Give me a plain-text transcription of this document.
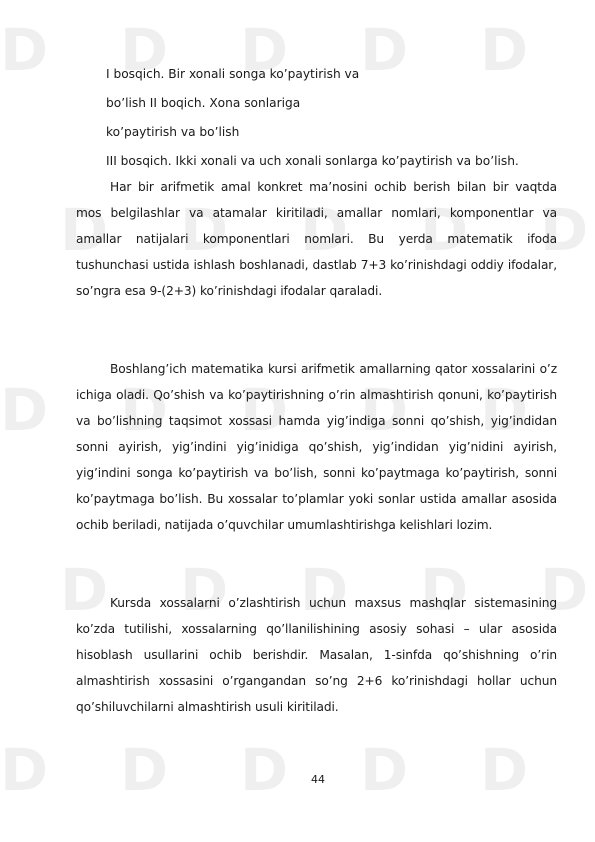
D D D D D
D D D D D
D D D D D
D D D D D
D D D D D
I bosqich. Bir xonali songa ko’paytirish va
bo’lish II boqich. Xona sonlariga
ko’paytirish va bo’lish
III bosqich. Ikki xonali va uch xonali sonlarga ko’paytirish va bo’lish.

Har bir arifmetik amal konkret ma’nosini ochib berish bilan bir vaqtda mos belgilashlar va atamalar kiritiladi, amallar nomlari, komponentlar va amallar natijalari komponentlari nomlari. Bu yerda matematik ifoda tushunchasi ustida ishlash boshlanadi, dastlab 7+3 ko’rinishdagi oddiy ifodalar, so’ngra esa 9-(2+3) ko’rinishdagi ifodalar qaraladi.

Boshlang’ich matematika kursi arifmetik amallarning qator xossalarini o’z ichiga oladi. Qo’shish va ko’paytirishning o’rin almashtirish qonuni, ko’paytirish va bo’lishning taqsimot xossasi hamda yig’indiga sonni qo’shish, yig’indidan sonni ayirish, yig’indini yig’inidiga qo’shish, yig’indidan yig’nidini ayirish, yig’indini songa ko’paytirish va bo’lish, sonni ko’paytmaga ko’paytirish, sonni ko’paytmaga bo’lish. Bu xossalar to’plamlar yoki sonlar ustida amallar asosida ochib beriladi, natijada o’quvchilar umumlashtirishga kelishlari lozim.

Kursda xossalarni o’zlashtirish uchun maxsus mashqlar sistemasining ko’zda tutilishi, xossalarning qo’llanilishining asosiy sohasi – ular asosida hisoblash usullarini ochib berishdir. Masalan, 1-sinfda qo’shishning o’rin almashtirish xossasini o’rgangandan so’ng 2+6 ko’rinishdagi hollar uchun qo’shiluvchilarni almashtirish usuli kiritiladi.

44
